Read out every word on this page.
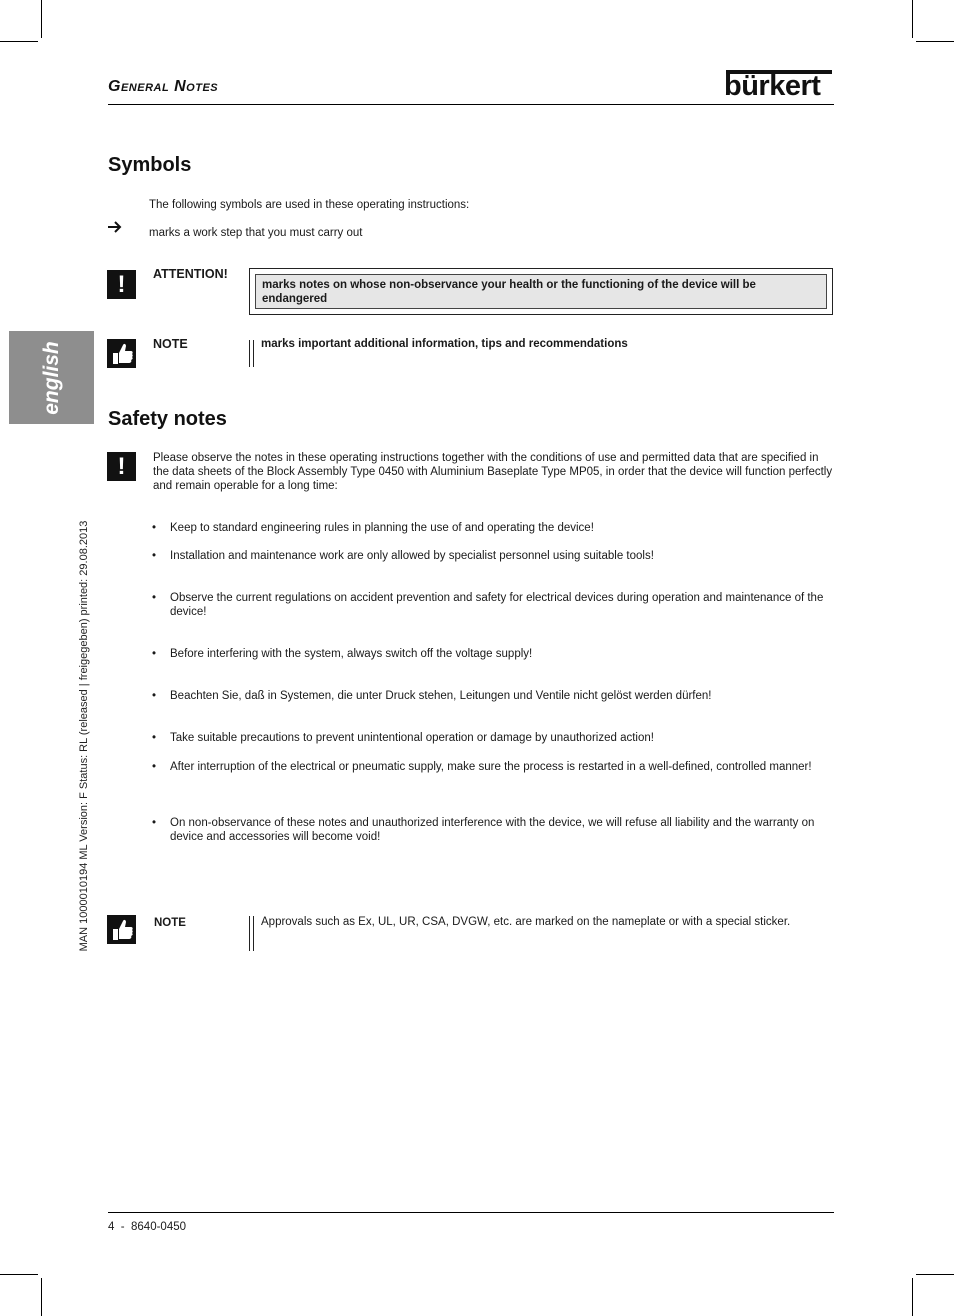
General Notes	bürkert
english
MAN 1000010194 ML Version: F Status: RL (released | freigegeben) printed: 29.08.2013
Symbols
The following symbols are used in these operating instructions:
marks a work step that you must carry out
!	ATTENTION!
marks notes on whose non-observance your health or the functioning of the device will be endangered
NOTE	marks important additional information, tips and recommendations
Safety notes
!	Please observe the notes in these operating instructions together with the conditions of use and permitted data that are specified in the data sheets of the Block Assembly Type 0450 with Aluminium Baseplate Type MP05, in order that the device will function perfectly and remain operable for a long time:
• Keep to standard engineering rules in planning the use of and operating the device!
• Installation and maintenance work are only allowed by specialist personnel using suitable tools!
• Observe the current regulations on accident prevention and safety for electrical devices during operation and maintenance of the device!
• Before interfering with the system, always switch off the voltage supply!
• Beachten Sie, daß in Systemen, die unter Druck stehen, Leitungen und Ventile nicht gelöst werden dürfen!
• Take suitable precautions to prevent unintentional operation or damage by unauthorized action!
• After interruption of the electrical or pneumatic supply, make sure the process is restarted in a well-defined, controlled manner!
• On non-observance of these notes and unauthorized interference with the device, we will refuse all liability and the warranty on device and accessories will become void!
NOTE	Approvals such as Ex, UL, UR, CSA, DVGW, etc. are marked on the nameplate or with a special sticker.
4  -  8640-0450
